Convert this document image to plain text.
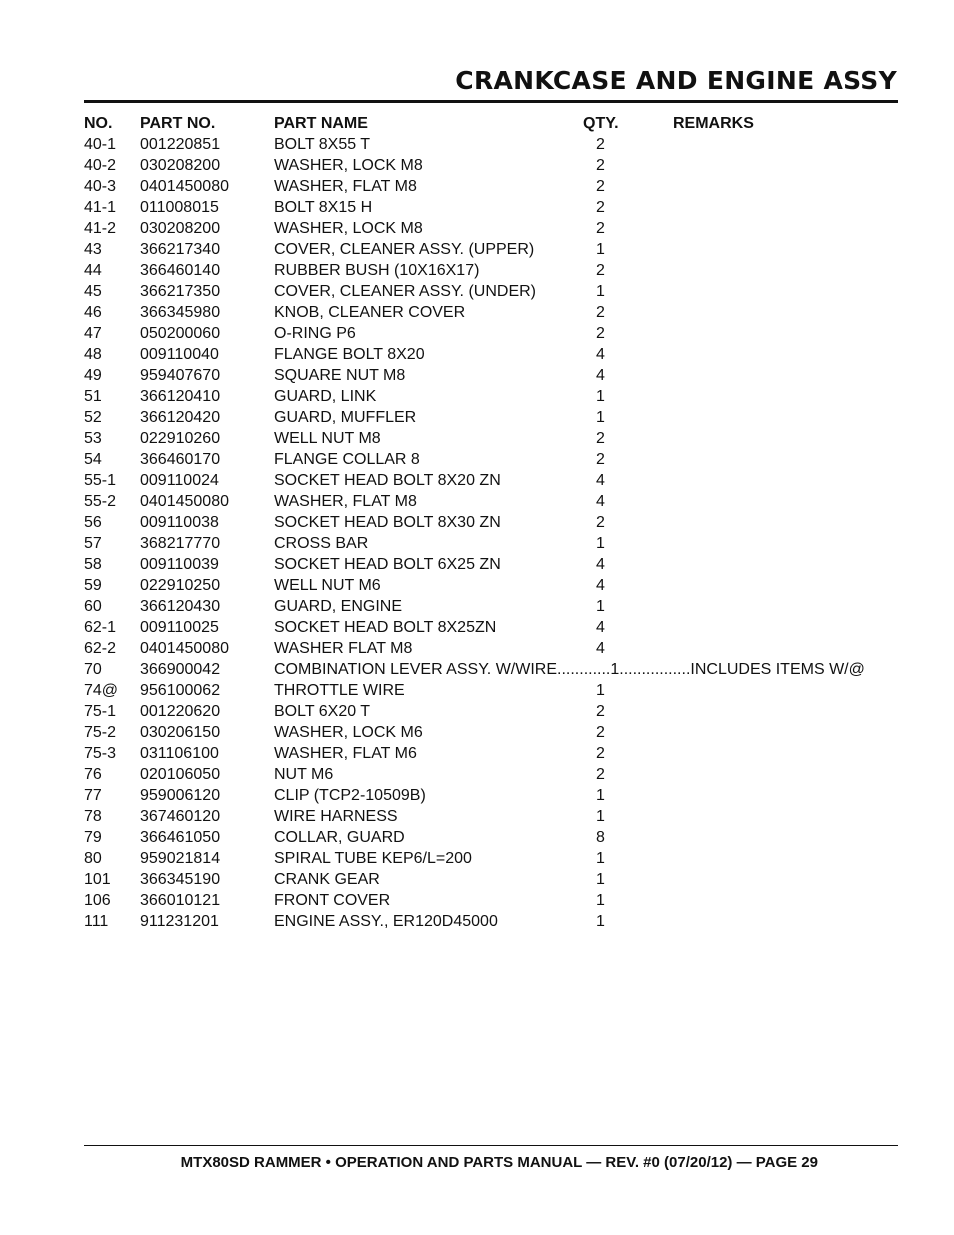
CRANKCASE AND ENGINE ASSY
NO. PART NO.	PART NAME	QTY.	REMARKS
40-1 001220851	BOLT 8X55 T	2
40-2 030208200	WASHER, LOCK M8	2
40-3 0401450080	WASHER, FLAT M8	2
41-1 011008015	BOLT 8X15 H	2
41-2 030208200	WASHER, LOCK M8	2
43 366217340	COVER, CLEANER ASSY. (UPPER)	1
44 366460140	RUBBER BUSH (10X16X17)	2
45 366217350	COVER, CLEANER ASSY. (UNDER)	1
46 366345980	KNOB, CLEANER COVER	2
47 050200060	O-RING P6	2
48 009110040	FLANGE BOLT 8X20	4
49 959407670	SQUARE NUT M8	4
51 366120410	GUARD, LINK	1
52 366120420	GUARD, MUFFLER	1
53 022910260	WELL NUT M8	2
54 366460170	FLANGE COLLAR 8	2
55-1 009110024	SOCKET HEAD BOLT 8X20 ZN	4
55-2 0401450080	WASHER, FLAT M8	4
56 009110038	SOCKET HEAD BOLT 8X30 ZN	2
57 368217770	CROSS BAR	1
58 009110039	SOCKET HEAD BOLT 6X25 ZN	4
59 022910250	WELL NUT M6	4
60 366120430	GUARD, ENGINE	1
62-1 009110025	SOCKET HEAD BOLT 8X25ZN	4
62-2 0401450080	WASHER FLAT M8	4
70 366900042	COMBINATION LEVER ASSY. W/WIRE............1................INCLUDES ITEMS W/@
74@ 956100062	THROTTLE WIRE	1
75-1 001220620	BOLT 6X20 T	2
75-2 030206150	WASHER, LOCK M6	2
75-3 031106100	WASHER, FLAT M6	2
76 020106050	NUT M6	2
77 959006120	CLIP (TCP2-10509B)	1
78 367460120	WIRE HARNESS	1
79 366461050	COLLAR, GUARD	8
80 959021814	SPIRAL TUBE KEP6/L=200	1
101 366345190	CRANK GEAR	1
106 366010121	FRONT COVER	1
111 911231201	ENGINE ASSY., ER120D45000	1

MTX80SD RAMMER • OPERATION AND PARTS MANUAL — REV. #0 (07/20/12) — PAGE 29
